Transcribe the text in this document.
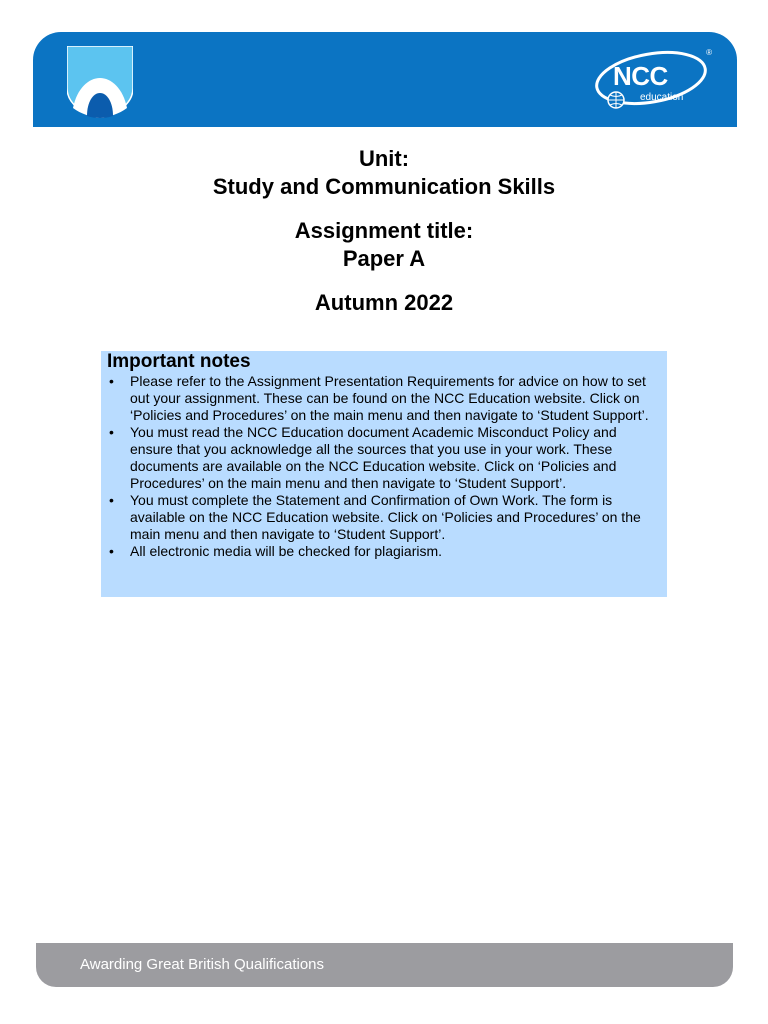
NCC
education
®
Unit:
Study and Communication Skills
Assignment title:
Paper A
Autumn 2022
Important notes
• Please refer to the Assignment Presentation Requirements for advice on how to set out your assignment. These can be found on the NCC Education website. Click on ‘Policies and Procedures’ on the main menu and then navigate to ‘Student Support’.
• You must read the NCC Education document Academic Misconduct Policy and ensure that you acknowledge all the sources that you use in your work. These documents are available on the NCC Education website. Click on ‘Policies and Procedures’ on the main menu and then navigate to ‘Student Support’.
• You must complete the Statement and Confirmation of Own Work. The form is available on the NCC Education website. Click on ‘Policies and Procedures’ on the main menu and then navigate to ‘Student Support’.
• All electronic media will be checked for plagiarism.
Awarding Great British Qualifications
